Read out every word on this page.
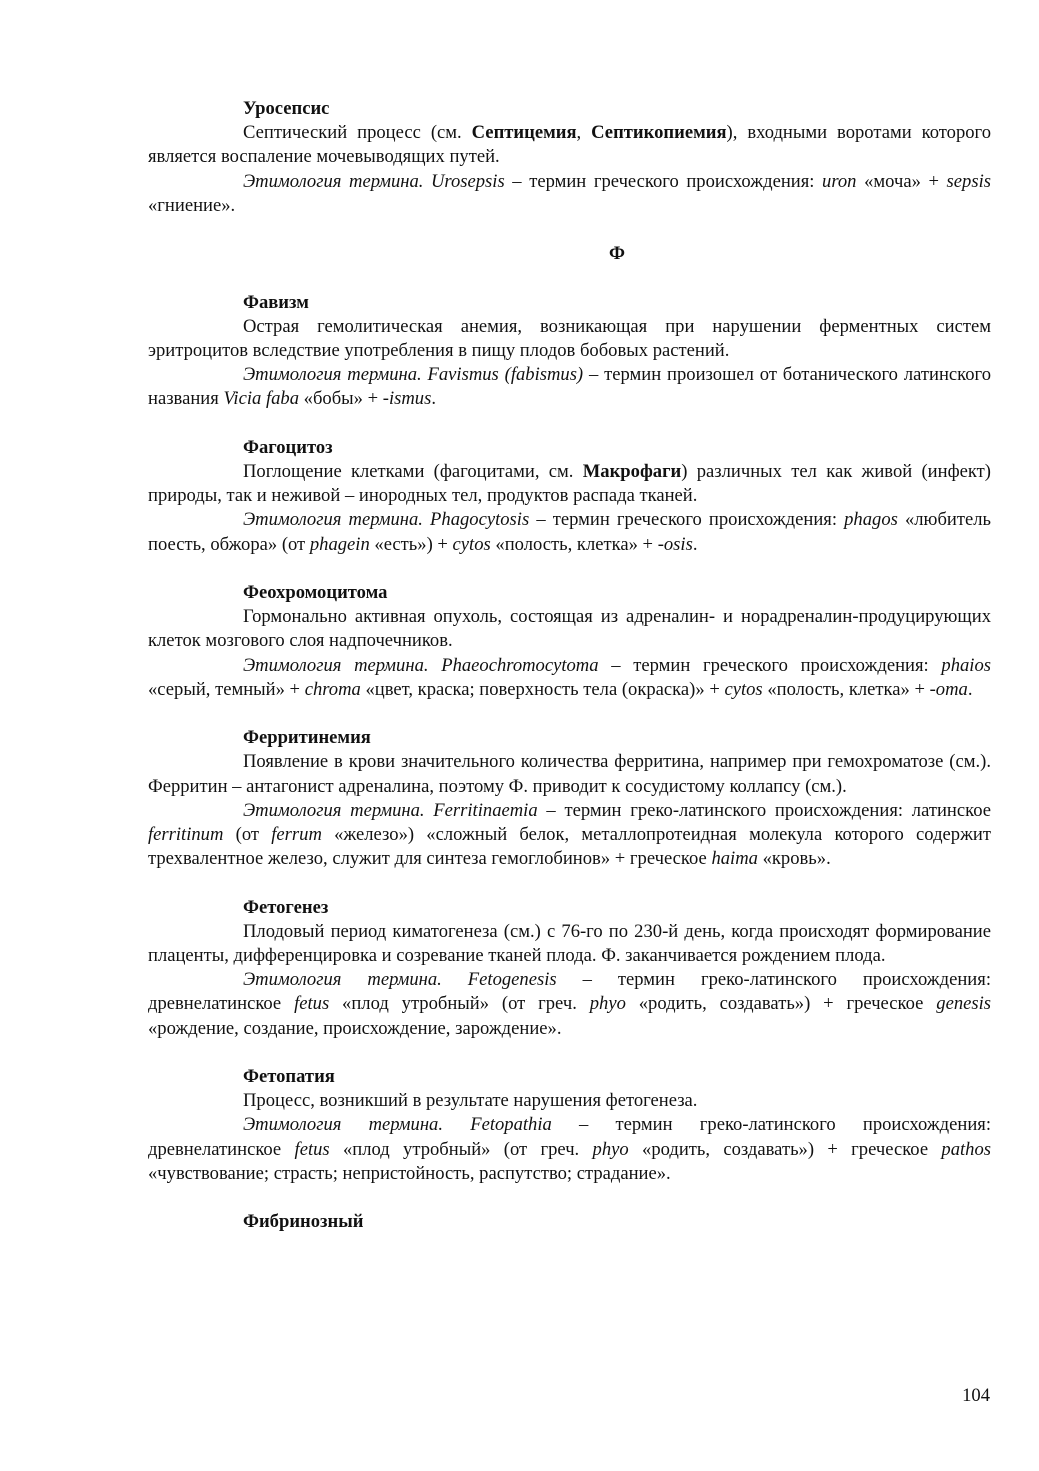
Уросепсис

Септический процесс (см. Септицемия, Септикопиемия), входными воротами которого является воспаление мочевыводящих путей.

Этимология термина. Urosepsis – термин греческого происхождения: uron «моча» + sepsis «гниение».

Ф

Фавизм

Острая гемолитическая анемия, возникающая при нарушении ферментных систем эритроцитов вследствие употребления в пищу плодов бобовых растений.

Этимология термина. Favismus (fabismus) – термин произошел от ботанического латинского названия Vicia faba «бобы» + -ismus.

Фагоцитоз

Поглощение клетками (фагоцитами, см. Макрофаги) различных тел как живой (инфект) природы, так и неживой – инородных тел, продуктов распада тканей.

Этимология термина. Phagocytosis – термин греческого происхождения: phagos «любитель поесть, обжора» (от phagein «есть») + cytos «полость, клетка» + -osis.

Феохромоцитома

Гормонально активная опухоль, состоящая из адреналин- и норадреналин-продуцирующих клеток мозгового слоя надпочечников.

Этимология термина. Phaeochromocytoma – термин греческого происхождения: phaios «серый, темный» + chroma «цвет, краска; поверхность тела (окраска)» + cytos «полость, клетка» + -oma.

Ферритинемия

Появление в крови значительного количества ферритина, например при гемохроматозе (см.). Ферритин – антагонист адреналина, поэтому Ф. приводит к сосудистому коллапсу (см.).

Этимология термина. Ferritinaemia – термин греко-латинского происхождения: латинское ferritinum (от ferrum «железо») «сложный белок, металлопротеидная молекула которого содержит трехвалентное железо, служит для синтеза гемоглобинов» + греческое haima «кровь».

Фетогенез

Плодовый период киматогенеза (см.) с 76-го по 230-й день, когда происходят формирование плаценты, дифференцировка и созревание тканей плода. Ф. заканчивается рождением плода.

Этимология термина. Fetogenesis – термин греко-латинского происхождения: древнелатинское fetus «плод утробный» (от греч. phyo «родить, создавать») + греческое genesis «рождение, создание, происхождение, зарождение».

Фетопатия

Процесс, возникший в результате нарушения фетогенеза.

Этимология термина. Fetopathia – термин греко-латинского происхождения: древнелатинское fetus «плод утробный» (от греч. phyo «родить, создавать») + греческое pathos «чувствование; страсть; непристойность, распутство; страдание».

Фибринозный

104
